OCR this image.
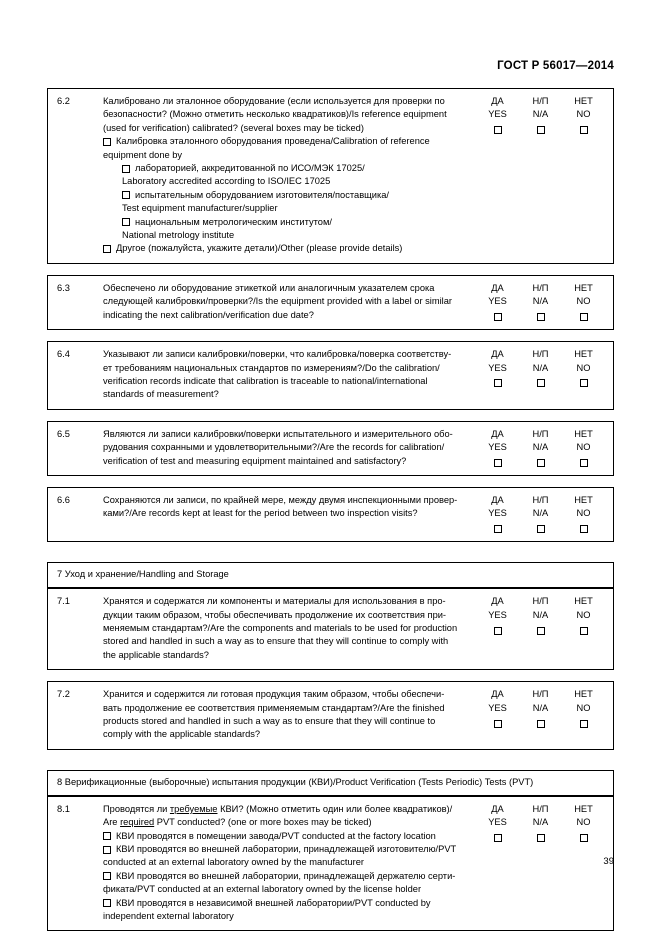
ГОСТ Р 56017—2014
6.2	Калибровано ли эталонное оборудование (если используется для проверки по
безопасности? (Можно отметить несколько квадратиков)/Is reference equipment
(used for verification) calibrated? (several boxes may be ticked)
Калибровка эталонного оборудования проведена/Calibration of reference
equipment done by
лабораторией, аккредитованной по ИСО/МЭК 17025/
Laboratory accredited according to ISO/IEC 17025
испытательным оборудованием изготовителя/поставщика/
Test equipment manufacturer/supplier
национальным метрологическим институтом/
National metrology institute
Другое (пожалуйста, укажите детали)/Other (please provide details)

ДА
YES

Н/П
N/A

НЕТ
NO
6.3	Обеспечено ли оборудование этикеткой или аналогичным указателем срока
следующей калибровки/проверки?/Is the equipment provided with a label or similar
indicating the next calibration/verification due date?

ДА
YES

Н/П
N/A

НЕТ
NO
6.4	Указывают ли записи калибровки/поверки, что калибровка/поверка соответству-
ет требованиям национальных стандартов по измерениям?/Do the calibration/
verification records indicate that calibration is traceable to national/international
standards of measurement?

ДА
YES

Н/П
N/A

НЕТ
NO
6.5	Являются ли записи калибровки/поверки испытательного и измерительного обо-
рудования сохранными и удовлетворительными?/Are the records for calibration/
verification of test and measuring equipment maintained and satisfactory?

ДА
YES

Н/П
N/A

НЕТ
NO
6.6	Сохраняются ли записи, по крайней мере, между двумя инспекционными провер-
ками?/Are records kept at least for the period between two inspection visits?

ДА
YES

Н/П
N/A

НЕТ
NO
7 Уход и хранение/Handling and Storage
7.1	Хранятся и содержатся ли компоненты и материалы для использования в про-
дукции таким образом, чтобы обеспечивать продолжение их соответствия при-
меняемым стандартам?/Are the components and materials to be used for production
stored and handled in such a way as to ensure that they will continue to comply with
the applicable standards?

ДА
YES

Н/П
N/A

НЕТ
NO
7.2	Хранится и содержится ли готовая продукция таким образом, чтобы обеспечи-
вать продолжение ее соответствия применяемым стандартам?/Are the finished
products stored and handled in such a way as to ensure that they will continue to
comply with the applicable standards?

ДА
YES

Н/П
N/A

НЕТ
NO
8 Верификационные (выборочные) испытания продукции (КВИ)/Product Verification (Tests Periodic) Tests (PVT)
8.1	Проводятся ли требуемые КВИ? (Можно отметить один или более квадратиков)/
Are required PVT conducted? (one or more boxes may be ticked)
КВИ проводятся в помещении завода/PVT conducted at the factory location
КВИ проводятся во внешней лаборатории, принадлежащей изготовителю/PVT
conducted at an external laboratory owned by the manufacturer
КВИ проводятся во внешней лаборатории, принадлежащей держателю серти-
фиката/PVT conducted at an external laboratory owned by the license holder
КВИ проводятся в независимой внешней лаборатории/PVT conducted by
independent external laboratory

ДА
YES

Н/П
N/A

НЕТ
NO
39
